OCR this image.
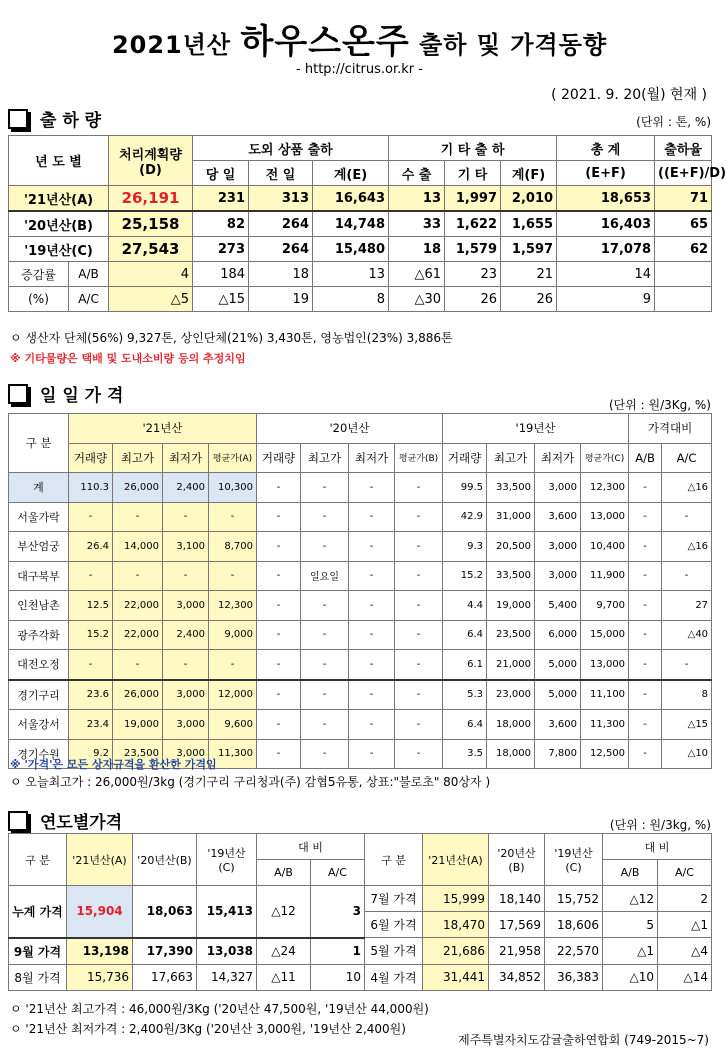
2021년산 하우스온주 출하 및 가격동향
- http://citrus.or.kr -
( 2021. 9. 20(월) 현재 )
출 하 량	(단위 : 톤, %)
년 도 별		처리계획량
(D)	도외 상품 출하			기 타 출 하			총 계	출하율
			당 일	전 일	계(E)	수 출	기 타	계(F)	(E+F)	((E+F)/D)
'21년산(A)		26,191	231	313	16,643	13	1,997	2,010	18,653	71
'20년산(B)		25,158	82	264	14,748	33	1,622	1,655	16,403	65
'19년산(C)		27,543	273	264	15,480	18	1,579	1,597	17,078	62
증감률	A/B	4	184	18	13	△61	23	21	14	
(%)	A/C	△5	△15	19	8	△30	26	26	9	
ㅇ 생산자 단체(56%) 9,327톤, 상인단체(21%) 3,430톤, 영농법인(23%) 3,886톤
※ 기타물량은 택배 및 도내소비량 등의 추정치임
일 일 가 격	(단위 : 원/3Kg, %)
구 분	'21년산				'20년산				'19년산				가격대비	
	거래량	최고가	최저가	평균가(A)	거래량	최고가	최저가	평균가(B)	거래량	최고가	최저가	평균가(C)	A/B	A/C
계	110.3	26,000	2,400	10,300	-	-	-	-	99.5	33,500	3,000	12,300	-	△16
서울가락	-	-	-	-	-	-	-	-	42.9	31,000	3,600	13,000	-	-
부산엄궁	26.4	14,000	3,100	8,700	-	-	-	-	9.3	20,500	3,000	10,400	-	△16
대구북부	-	-	-	-	-	일요일	-	-	15.2	33,500	3,000	11,900	-	-
인천남촌	12.5	22,000	3,000	12,300	-	-	-	-	4.4	19,000	5,400	9,700	-	27
광주각화	15.2	22,000	2,400	9,000	-	-	-	-	6.4	23,500	6,000	15,000	-	△40
대전오정	-	-	-	-	-	-	-	-	6.1	21,000	5,000	13,000	-	-
경기구리	23.6	26,000	3,000	12,000	-	-	-	-	5.3	23,000	5,000	11,100	-	8
서울강서	23.4	19,000	3,000	9,600	-	-	-	-	6.4	18,000	3,600	11,300	-	△15
경기수원	9.2	23,500	3,000	11,300	-	-	-	-	3.5	18,000	7,800	12,500	-	△10
※ '가격'은 모든 상자규격을 환산한 가격임
ㅇ 오늘최고가 : 26,000원/3kg (경기구리 구리청과(주) 감협5유통, 상표:"불로초" 80상자 )
연도별가격	(단위 : 원/3kg, %)
구 분	'21년산(A)	'20년산(B)	'19년산(C)	대 비		구 분	'21년산(A)	'20년산(B)	'19년산(C)	대 비	
				A/B	A/C					A/B	A/C
누계 가격	15,904	18,063	15,413	△12	3	7월 가격	15,999	18,140	15,752	△12	2
						6월 가격	18,470	17,569	18,606	5	△1
9월 가격	13,198	17,390	13,038	△24	1	5월 가격	21,686	21,958	22,570	△1	△4
8월 가격	15,736	17,663	14,327	△11	10	4월 가격	31,441	34,852	36,383	△10	△14
ㅇ '21년산 최고가격 : 46,000원/3Kg ('20년산 47,500원, '19년산 44,000원)
ㅇ '21년산 최저가격 : 2,400원/3Kg ('20년산 3,000원, '19년산 2,400원)
제주특별자치도감귤출하연합회 (749-2015~7)
